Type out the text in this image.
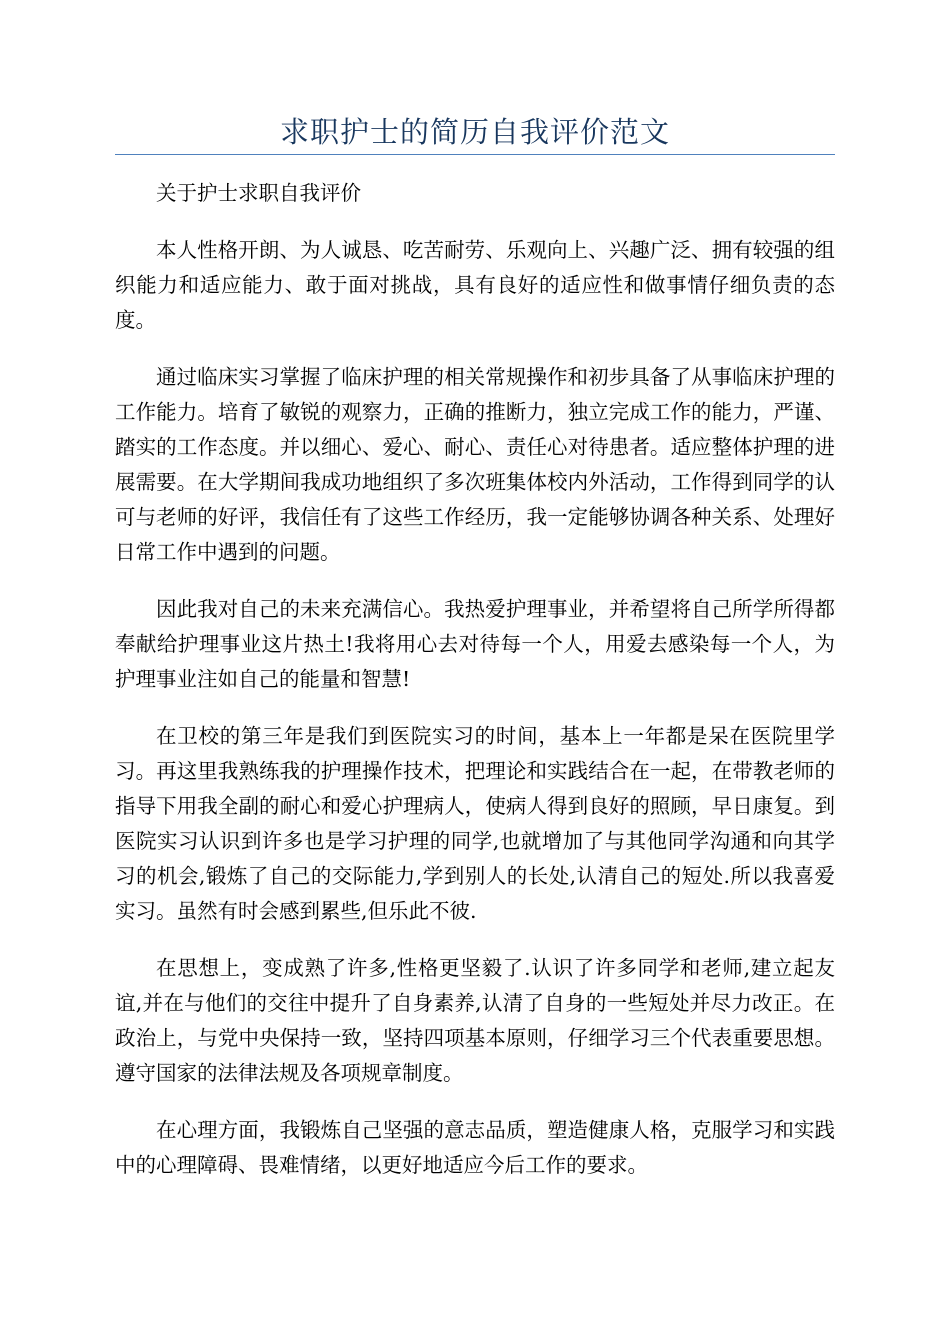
求职护士的简历自我评价范文

关于护士求职自我评价

本人性格开朗、为人诚恳、吃苦耐劳、乐观向上、兴趣广泛、拥有较强的组织能力和适应能力、敢于面对挑战，具有良好的适应性和做事情仔细负责的态度。

通过临床实习掌握了临床护理的相关常规操作和初步具备了从事临床护理的工作能力。培育了敏锐的观察力，正确的推断力，独立完成工作的能力，严谨、踏实的工作态度。并以细心、爱心、耐心、责任心对待患者。适应整体护理的进展需要。在大学期间我成功地组织了多次班集体校内外活动，工作得到同学的认可与老师的好评，我信任有了这些工作经历，我一定能够协调各种关系、处理好日常工作中遇到的问题。

因此我对自己的未来充满信心。我热爱护理事业，并希望将自己所学所得都奉献给护理事业这片热土!我将用心去对待每一个人，用爱去感染每一个人，为护理事业注如自己的能量和智慧!

在卫校的第三年是我们到医院实习的时间，基本上一年都是呆在医院里学习。再这里我熟练我的护理操作技术，把理论和实践结合在一起，在带教老师的指导下用我全副的耐心和爱心护理病人，使病人得到良好的照顾，早日康复。到医院实习认识到许多也是学习护理的同学,也就增加了与其他同学沟通和向其学习的机会,锻炼了自己的交际能力,学到别人的长处,认清自己的短处.所以我喜爱实习。虽然有时会感到累些,但乐此不彼.

在思想上，变成熟了许多,性格更坚毅了.认识了许多同学和老师,建立起友谊,并在与他们的交往中提升了自身素养,认清了自身的一些短处并尽力改正。在政治上，与党中央保持一致，坚持四项基本原则，仔细学习三个代表重要思想。遵守国家的法律法规及各项规章制度。

在心理方面，我锻炼自己坚强的意志品质，塑造健康人格，克服学习和实践中的心理障碍、畏难情绪，以更好地适应今后工作的要求。
